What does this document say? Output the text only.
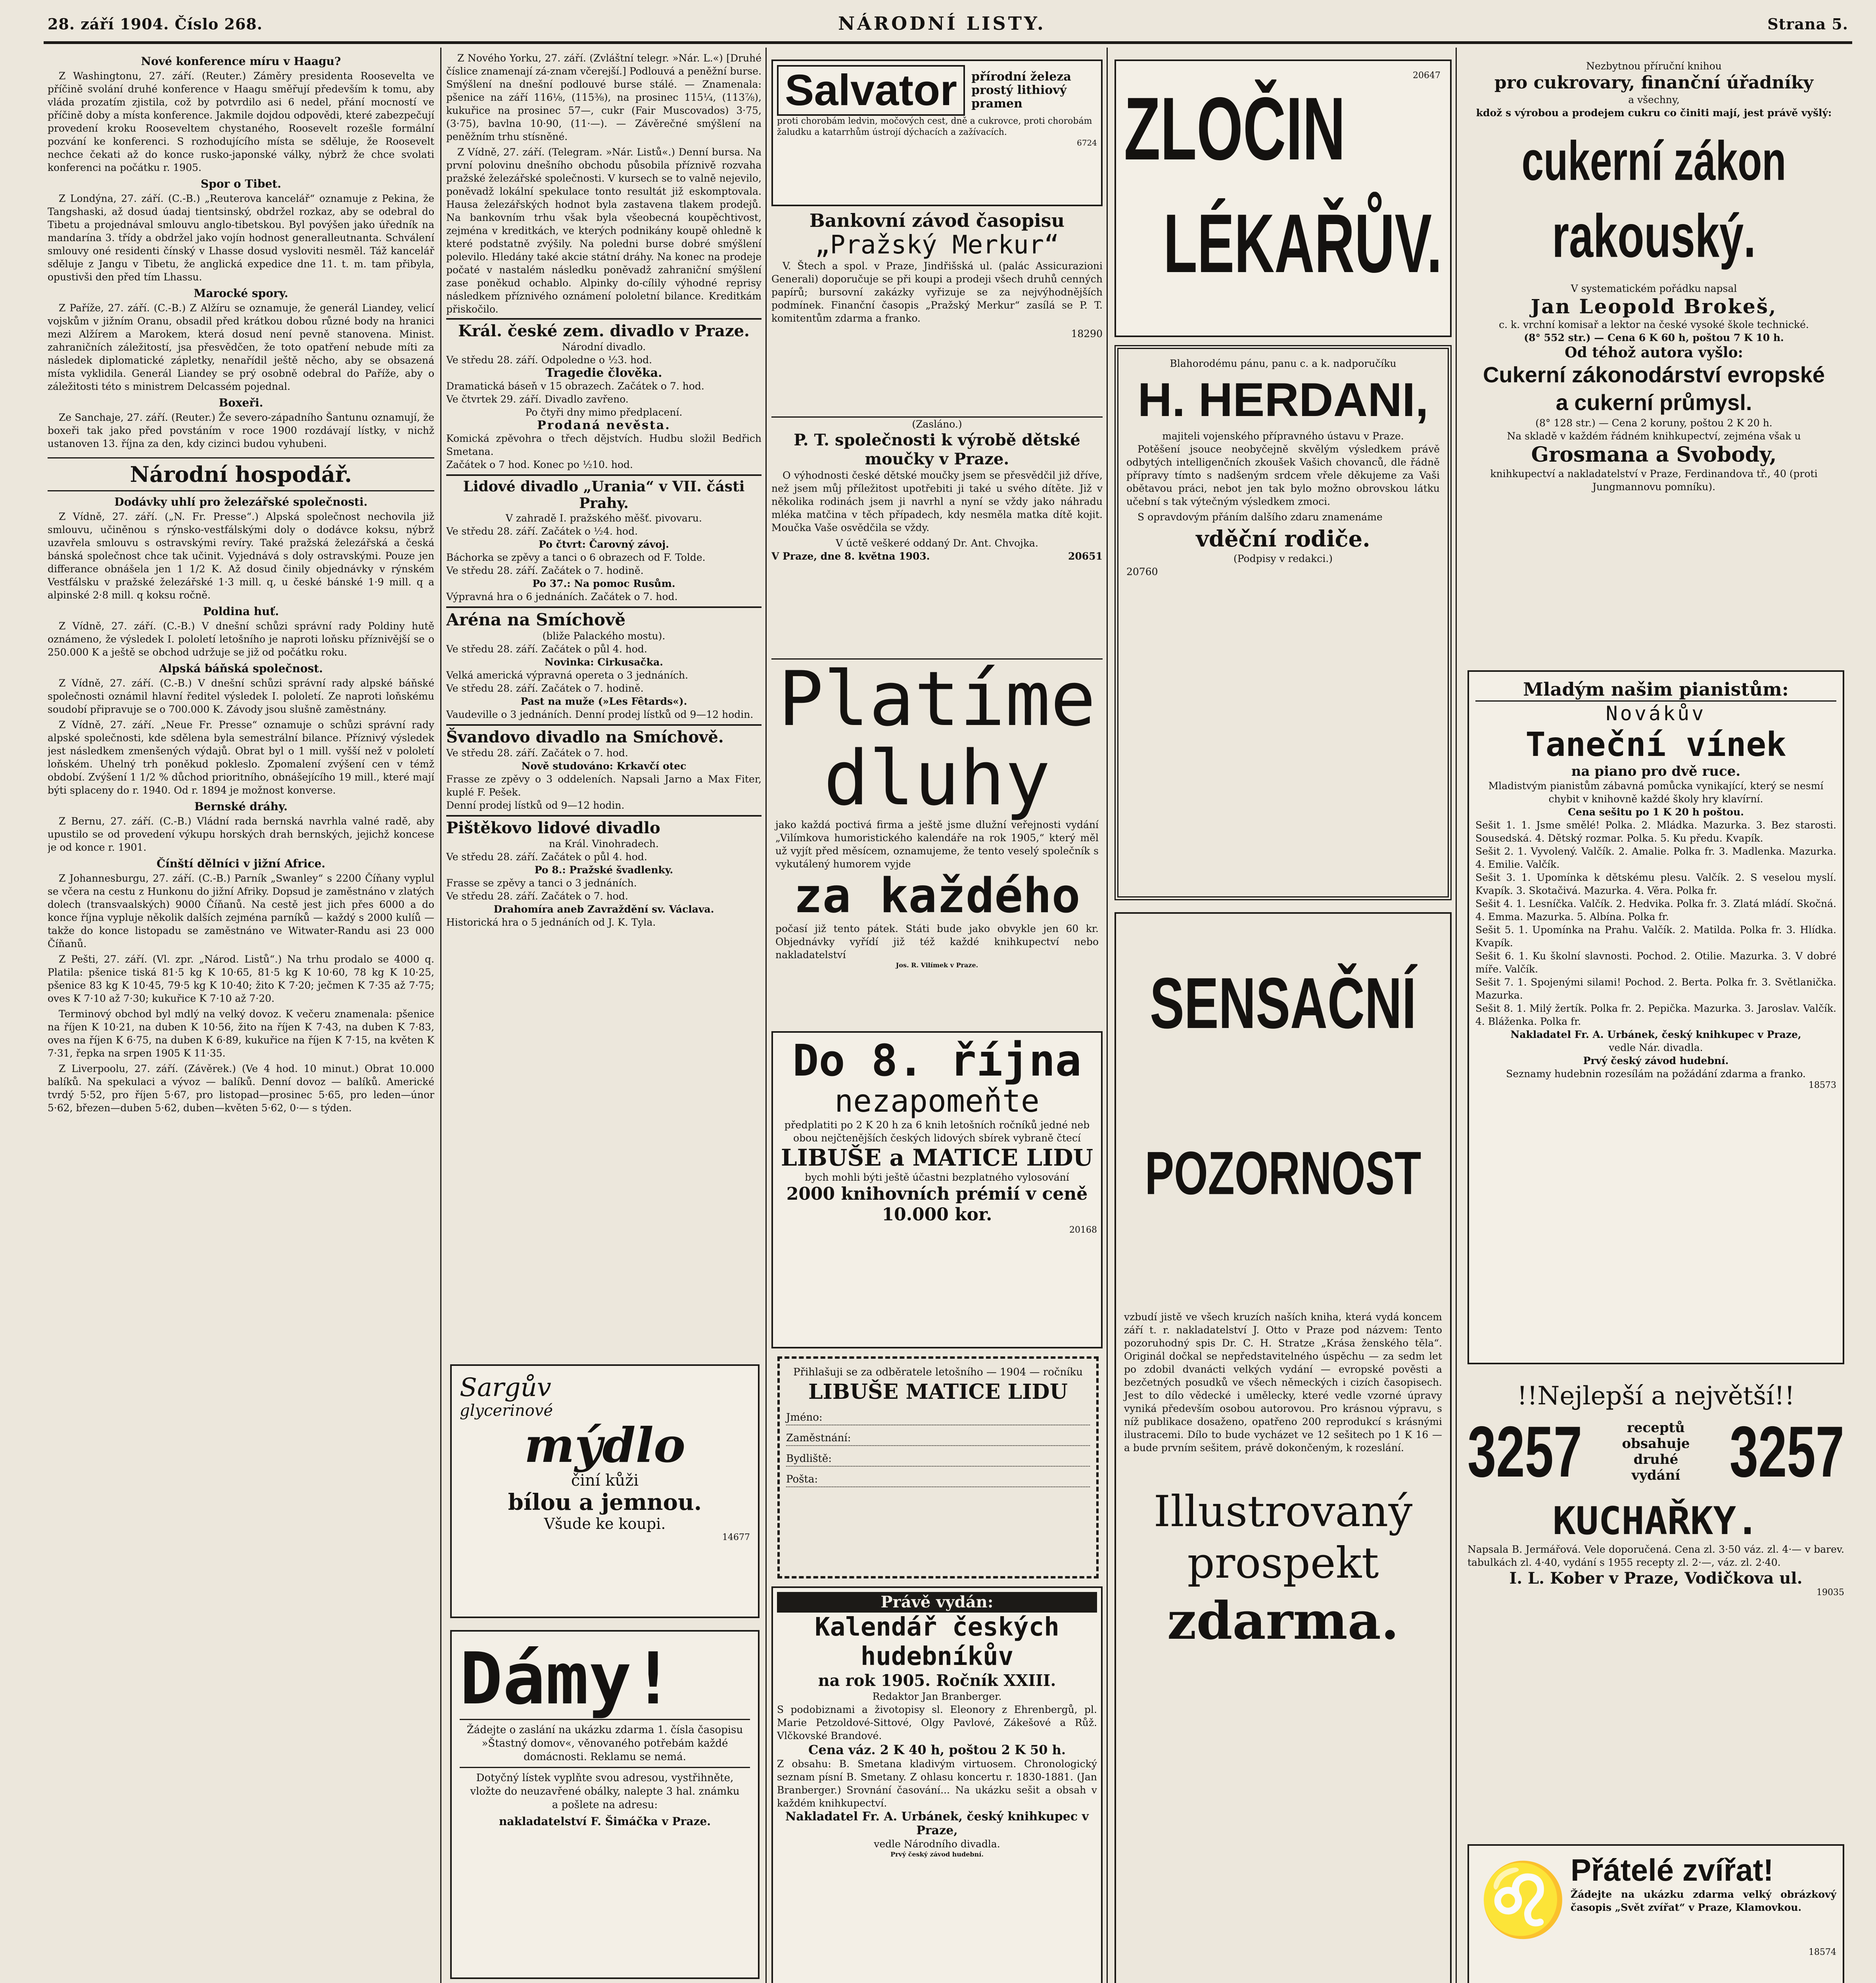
28. září 1904. Číslo 268.	NÁRODNÍ LISTY.	Strana 5.
Nové konference míru v Haagu?

Z Washingtonu, 27. září. (Reuter.) Záměry presidenta Roosevelta ve příčině svolání druhé konference v Haagu směřují především k tomu, aby vláda prozatím zjistila, což by potvrdilo asi 6 nedel, přání mocností ve příčině doby a místa konference. Jakmile dojdou odpovědi, které zabezpečují provedení kroku Rooseveltem chystaného, Roosevelt rozešle formální pozvání ke konferenci. S rozhodujícího místa se sděluje, že Roosevelt nechce čekati až do konce rusko-japonské války, nýbrž že chce svolati konferenci na počátku r. 1905.

Spor o Tibet.

Z Londýna, 27. září. (C.-B.) „Reuterova kancelář“ oznamuje z Pekina, že Tangshaski, až dosud úadaj tientsinský, obdržel rozkaz, aby se odebral do Tibetu a projednával smlouvu anglo-tibetskou. Byl povýšen jako úředník na mandarína 3. třídy a obdržel jako vojín hodnost generalleutnanta. Schválení smlouvy oné residenti čínský v Lhasse dosud vysloviti nesměl. Táž kancelář sděluje z Jangu v Tibetu, že anglická expedice dne 11. t. m. tam přibyla, opustivši den před tím Lhassu.

Marocké spory.

Z Paříže, 27. září. (C.-B.) Z Alžíru se oznamuje, že generál Liandey, velicí vojskům v jižním Oranu, obsadil před krátkou dobou různé body na hranici mezi Alžírem a Marokem, která dosud není pevně stanovena. Minist. zahraničních záležitostí, jsa přesvědčen, že toto opatření nebude míti za následek diplomatické zápletky, nenařídil ještě něcho, aby se obsazená místa vyklidila. Generál Liandey se prý osobně odebral do Paříže, aby o záležitosti této s ministrem Delcassém pojednal.

Boxeři.

Ze Sanchaje, 27. září. (Reuter.) Že severo-západního Šantunu oznamují, že boxeři tak jako před povstáním v roce 1900 rozdávají lístky, v nichž ustanoven 13. října za den, kdy cizinci budou vyhubeni.

Národní hospodář.
Dodávky uhlí pro železářské společnosti.

Z Vídně, 27. září. („N. Fr. Presse“.) Alpská společnost nechovila již smlouvu, učiněnou s rýnsko-vestfálskými doly o dodávce koksu, nýbrž uzavřela smlouvu s ostravskými revíry. Také pražská železářská a česká bánská společnost chce tak učinit. Vyjednává s doly ostravskými. Pouze jen differance obnášela jen 1 1/2 K. Až dosud činily objednávky v rýnském Vestfálsku v pražské železářské 1·3 mill. q, u české bánské 1·9 mill. q a alpinské 2·8 mill. q koksu ročně.

Poldina huť.

Z Vídně, 27. září. (C.-B.) V dnešní schůzi správní rady Poldiny hutě oznámeno, že výsledek I. pololetí letošního je naproti loňsku příznivější se o 250.000 K a ještě se obchod udržuje se již od počátku roku.

Alpská báňská společnost.

Z Vídně, 27. září. (C.-B.) V dnešní schůzi správní rady alpské báňské společnosti oznámil hlavní ředitel výsledek I. pololetí. Ze naproti loňskému soudobí připravuje se o 700.000 K. Závody jsou slušně zaměstnány.

Z Vídně, 27. září. „Neue Fr. Presse“ oznamuje o schůzi správní rady alpské společnosti, kde sdělena byla semestrální bilance. Příznivý výsledek jest následkem zmenšených výdajů. Obrat byl o 1 mill. vyšší než v pololetí loňském. Uhelný trh poněkud pokleslo. Zpomalení zvýšení cen v témž období. Zvýšení 1 1/2 % důchod prioritního, obnášejícího 19 mill., které mají býti splaceny do r. 1940. Od r. 1894 je možnost konverse.

Bernské dráhy.

Z Bernu, 27. září. (C.-B.) Vládní rada bernská navrhla valné radě, aby upustilo se od provedení výkupu horských drah bernských, jejichž koncese je od konce r. 1901.

Čínští dělníci v jižní Africe.

Z Johannesburgu, 27. září. (C.-B.) Parník „Swanley“ s 2200 Číňany vyplul se včera na cestu z Hunkonu do jižní Afriky. Dopsud je zaměstnáno v zlatých dolech (transvaalských) 9000 Číňanů. Na cestě jest jich přes 6000 a do konce října vypluje několik dalších zejména parníků — každý s 2000 kulíů — takže do konce listopadu se zaměstnáno ve Witwater-Randu asi 23 000 Číňanů.

Z Pešti, 27. září. (Vl. zpr. „Národ. Listů“.) Na trhu prodalo se 4000 q. Platila: pšenice tiská 81·5 kg K 10·65, 81·5 kg K 10·60, 78 kg K 10·25, pšenice 83 kg K 10·45, 79·5 kg K 10·40; žito K 7·20; ječmen K 7·35 až 7·75; oves K 7·10 až 7·30; kukuřice K 7·10 až 7·20.

Terminový obchod byl mdlý na velký dovoz. K večeru znamenala: pšenice na říjen K 10·21, na duben K 10·56, žito na říjen K 7·43, na duben K 7·83, oves na říjen K 6·75, na duben K 6·89, kukuřice na říjen K 7·15, na květen K 7·31, řepka na srpen 1905 K 11·35.

Z Liverpoolu, 27. září. (Závěrek.) (Ve 4 hod. 10 minut.) Obrat 10.000 balíků. Na spekulaci a vývoz — balíků. Denní dovoz — balíků. Americké tvrdý 5·52, pro říjen 5·67, pro listopad—prosinec 5·65, pro leden—únor 5·62, březen—duben 5·62, duben—květen 5·62, 0·— s týden.

Z Nového Yorku, 27. září. (Zvláštní telegr. »Nár. L.«) [Druhé číslice znamenají zá-znam včerejší.] Podlouvá a peněžní burse. Smýšlení na dnešní podlouvé burse stálé. — Znamenala: pšenice na září 116⅛, (115⅜), na prosinec 115¼, (113⅞), kukuřice na prosinec 57—, cukr (Fair Muscovados) 3·75, (3·75), bavlna 10·90, (11·—). — Závěrečné smýšlení na peněžním trhu stísněné.

Z Vídně, 27. září. (Telegram. »Nár. Listů«.) Denní bursa. Na první polovinu dnešního obchodu působila příznivě rozvaha pražské železářské společnosti. V kursech se to valně nejevilo, poněvadž lokální spekulace tonto resultát již eskomptovala. Hausa železářských hodnot byla zastavena tlakem prodejů. Na bankovním trhu však byla všeobecná koupěchtivost, zejména v kreditkách, ve kterých podnikány koupě ohledně k které podstatně zvýšily. Na poledni burse dobré smýšlení polevilo. Hledány také akcie státní dráhy. Na konec na prodeje počaté v nastalém následku poněvadž zahraniční smýšlení zase poněkud ochablo. Alpinky do-cílily výhodné reprisy následkem příznivého oznámení pololetní bilance. Kreditkám přiskočilo.

Král. české zem. divadlo v Praze.
Národní divadlo.
Ve středu 28. září. Odpoledne o ½3. hod.
Tragedie člověka.
Dramatická báseň v 15 obrazech. Začátek o 7. hod.
Ve čtvrtek 29. září. Divadlo zavřeno.
Po čtyři dny mimo předplacení.
Prodaná nevěsta.
Komická zpěvohra o třech dějstvích. Hudbu složil Bedřich Smetana.
Začátek o 7 hod. Konec po ½10. hod.
Lidové divadlo „Urania“ v VII. části Prahy.
V zahradě I. pražského měšť. pivovaru.
Ve středu 28. září. Začátek o ½4. hod.
Po čtvrt: Čarovný závoj.
Báchorka se zpěvy a tanci o 6 obrazech od F. Tolde.
Ve středu 28. září. Začátek o 7. hodině.
Po 37.: Na pomoc Rusům.
Výpravná hra o 6 jednáních. Začátek o 7. hod.
Aréna na Smíchově
(bliže Palackého mostu).
Ve středu 28. září. Začátek o půl 4. hod.
Novinka: Cirkusačka.
Velká americká výpravná opereta o 3 jednáních.
Ve středu 28. září. Začátek o 7. hodině.
Past na muže (»Les Fêtards«).
Vaudeville o 3 jednáních. Denní prodej lístků od 9—12 hodin.
Švandovo divadlo na Smíchově.
Ve středu 28. září. Začátek o 7. hod.
Nově studováno: Krkavčí otec
Frasse ze zpěvy o 3 oddeleních. Napsali Jarno a Max Fiter, kuplé F. Pešek.
Denní prodej lístků od 9—12 hodin.
Pištěkovo lidové divadlo
na Král. Vinohradech.
Ve středu 28. září. Začátek o půl 4. hod.
Po 8.: Pražské švadlenky.
Frasse se zpěvy a tanci o 3 jednáních.
Ve středu 28. září. Začátek o 7. hod.
Drahomíra aneb Zavraždění sv. Václava.
Historická hra o 5 jednáních od J. K. Tyla.
Sargův
glycerinové
mýdlo
činí kůži
bílou a jemnou.
Všude ke koupi.
14677
Dámy!
Žádejte o zaslání na ukázku zdarma 1. čísla časopisu »Štastný domov«, věnovaného potřebám každé domácnosti. Reklamu se nemá.
Dotyčný lístek vyplňte svou adresou, vystřihněte, vložte do neuzavřené obálky, nalepte 3 hal. známku a pošlete na adresu:
nakladatelství F. Šimáčka v Praze.
Salvator	přírodní železa prostý lithiový pramen
proti chorobám ledvin, močových cest, dně a cukrovce, proti chorobám žaludku a katarrhům ústrojí dýchacích a zažívacích.
6724
Bankovní závod časopisu
„Pražský Merkur“

V. Štech a spol. v Praze, Jindřišská ul. (palác Assicurazioni Generali) doporučuje se při koupi a prodeji všech druhů cenných papírů; bursovní zakázky vyřizuje se za nejvýhodnějších podmínek. Finanční časopis „Pražský Merkur“ zasílá se P. T. komitentům zdarma a franko.

18290
(Zasláno.)
P. T. společnosti k výrobě dětské moučky v Praze.

O výhodnosti české dětské moučky jsem se přesvědčil již dříve, než jsem můj příležitost upotřebiti ji také u svého dítěte. Již v několika rodinách jsem ji navrhl a nyní se vždy jako náhradu mléka matčina v těch případech, kdy nesměla matka dítě kojit. Moučka Vaše osvědčila se vždy.

V úctě veškeré oddaný Dr. Ant. Chvojka.
V Praze, dne 8. května 1903.	20651
Platíme
dluhy
jako každá poctivá firma a ještě jsme dlužní veřejnosti vydání „Vilímkova humoristického kalendáře na rok 1905,“ který měl už vyjít před měsícem, oznamujeme, že tento veselý společník s vykutálený humorem vyjde
za každého
počasí již tento pátek. Státi bude jako obvykle jen 60 kr. Objednávky vyřídí již též každé knihkupectví nebo nakladatelství
Jos. R. Vilímek v Praze.
Do 8. října
nezapomeňte
předplatiti po 2 K 20 h za 6 knih letošních ročníků jedné neb obou nejčtenějších českých lidových sbírek vybraně čtecí
LIBUŠE a MATICE LIDU
bych mohli býti ještě účastni bezplatného vylosování
2000 knihovních prémií v ceně 10.000 kor.
20168
Přihlašuji se za odběratele letošního — 1904 — ročníku
LIBUŠE MATICE LIDU
Jméno:
Zaměstnání:
Bydliště:
Pošta:
Právě vydán:
Kalendář českých hudebníkův
na rok 1905. Ročník XXIII.
Redaktor Jan Branberger.
S podobiznami a životopisy sl. Eleonory z Ehrenbergů, pl. Marie Petzoldové-Sittové, Olgy Pavlové, Zákešové a Růž. Vlčkovské Brandové.
Cena váz. 2 K 40 h, poštou 2 K 50 h.
Z obsahu: B. Smetana kladivým virtuosem. Chronologický seznam písní B. Smetany. Z ohlasu koncertu r. 1830-1881. (Jan Branberger.) Srovnání časování... Na ukázku sešit a obsah v každém knihkupectví.
Nakladatel Fr. A. Urbánek, český knihkupec v Praze,
vedle Národního divadla.
Prvý český závod hudební.
ZLOČIN
LÉKAŘŮV.
20647
Blahorodému pánu, panu c. a k. nadporučíku
H. HERDANI,
majiteli vojenského přípravného ústavu v Praze.

Potěšení jsouce neobyčejně skvělým výsledkem právě odbytých intelligenčních zkoušek Vašich chovanců, dle řádně přípravy tímto s nadšeným srdcem vřele děkujeme za Vaši obětavou práci, nebot jen tak bylo možno obrovskou látku učební s tak výtečným výsledkem zmoci.

S opravdovým přáním dalšího zdaru znamenáme

vděční rodiče.
(Podpisy v redakci.)
20760
SENSAČNÍ
POZORNOST
vzbudí jistě ve všech kruzích naších kniha, která vydá koncem září t. r. nakladatelství J. Otto v Praze pod názvem: Tento pozoruhodný spis Dr. C. H. Stratze „Krása ženského těla“. Originál dočkal se nepředstavitelného úspěchu — za sedm let po zdobil dvanácti velkých vydání — evropské pověsti a bezčetných posudků ve všech německých i cizích časopisech. Jest to dílo vědecké i umělecky, které vedle vzorné úpravy vyniká především osobou autorovou. Pro krásnou výpravu, s níž publikace dosaženo, opatřeno 200 reprodukcí s krásnými ilustracemi. Dílo to bude vycházet ve 12 sešitech po 1 K 16 — a bude prvním sešitem, právě dokončeným, k rozeslání.
Illustrovaný
prospekt
zdarma.
Nezbytnou příruční knihou
pro cukrovary, finanční úřadníky
a všechny,
kdož s výrobou a prodejem cukru co činiti mají, jest právě vyšlý:
cukerní zákon
rakouský.
V systematickém pořádku napsal
Jan Leopold Brokeš,
c. k. vrchní komisař a lektor na české vysoké škole technické.
(8° 552 str.) — Cena 6 K 60 h, poštou 7 K 10 h.
Od téhož autora vyšlo:
Cukerní zákonodárství evropské
a cukerní průmysl.
(8° 128 str.) — Cena 2 koruny, poštou 2 K 20 h.
Na skladě v každém řádném knihkupectví, zejména však u
Grosmana a Svobody,
knihkupectví a nakladatelství v Praze, Ferdinandova tř., 40 (proti Jungmannovu pomníku).
Mladým našim pianistům:
Novákův
Taneční vínek
na piano pro dvě ruce.
Mladistvým pianistům zábavná pomůcka vynikající, který se nesmí chybit v knihovně každé školy hry klavírní.
Cena sešitu po 1 K 20 h poštou.
Sešit 1. 1. Jsme smělé! Polka. 2. Mládka. Mazurka. 3. Bez starosti. Sousedská. 4. Dětský rozmar. Polka. 5. Ku předu. Kvapík.
Sešit 2. 1. Vyvolený. Valčík. 2. Amalie. Polka fr. 3. Madlenka. Mazurka. 4. Emilie. Valčík.
Sešit 3. 1. Upomínka k dětskému plesu. Valčík. 2. S veselou myslí. Kvapík. 3. Skotačivá. Mazurka. 4. Věra. Polka fr.
Sešit 4. 1. Lesníčka. Valčík. 2. Hedvika. Polka fr. 3. Zlatá mládí. Skočná. 4. Emma. Mazurka. 5. Albína. Polka fr.
Sešit 5. 1. Upomínka na Prahu. Valčík. 2. Matilda. Polka fr. 3. Hlídka. Kvapík.
Sešit 6. 1. Ku školní slavnosti. Pochod. 2. Otilie. Mazurka. 3. V dobré míře. Valčík.
Sešit 7. 1. Spojenými silami! Pochod. 2. Berta. Polka fr. 3. Světlanička. Mazurka.
Sešit 8. 1. Milý žertík. Polka fr. 2. Pepička. Mazurka. 3. Jaroslav. Valčík. 4. Bláženka. Polka fr.
Nakladatel Fr. A. Urbánek, český knihkupec v Praze,
vedle Nár. divadla.
Prvý český závod hudební.
Seznamy hudebnin rozesílám na požádání zdarma a franko.
18573
!!Nejlepší a největší!!
3257	receptů obsahuje druhé vydání 3257
KUCHAŘKY.
Napsala B. Jermářová. Vele doporučená. Cena zl. 3·50 váz. zl. 4·— v barev. tabulkách zl. 4·40, vydání s 1955 recepty zl. 2·—, váz. zl. 2·40.
I. L. Kober v Praze, Vodičkova ul.
19035
♌ Přátelé zvířat!
Žádejte na ukázku zdarma velký obrázkový časopis „Svět zvířat“ v Praze, Klamovkou.
18574
